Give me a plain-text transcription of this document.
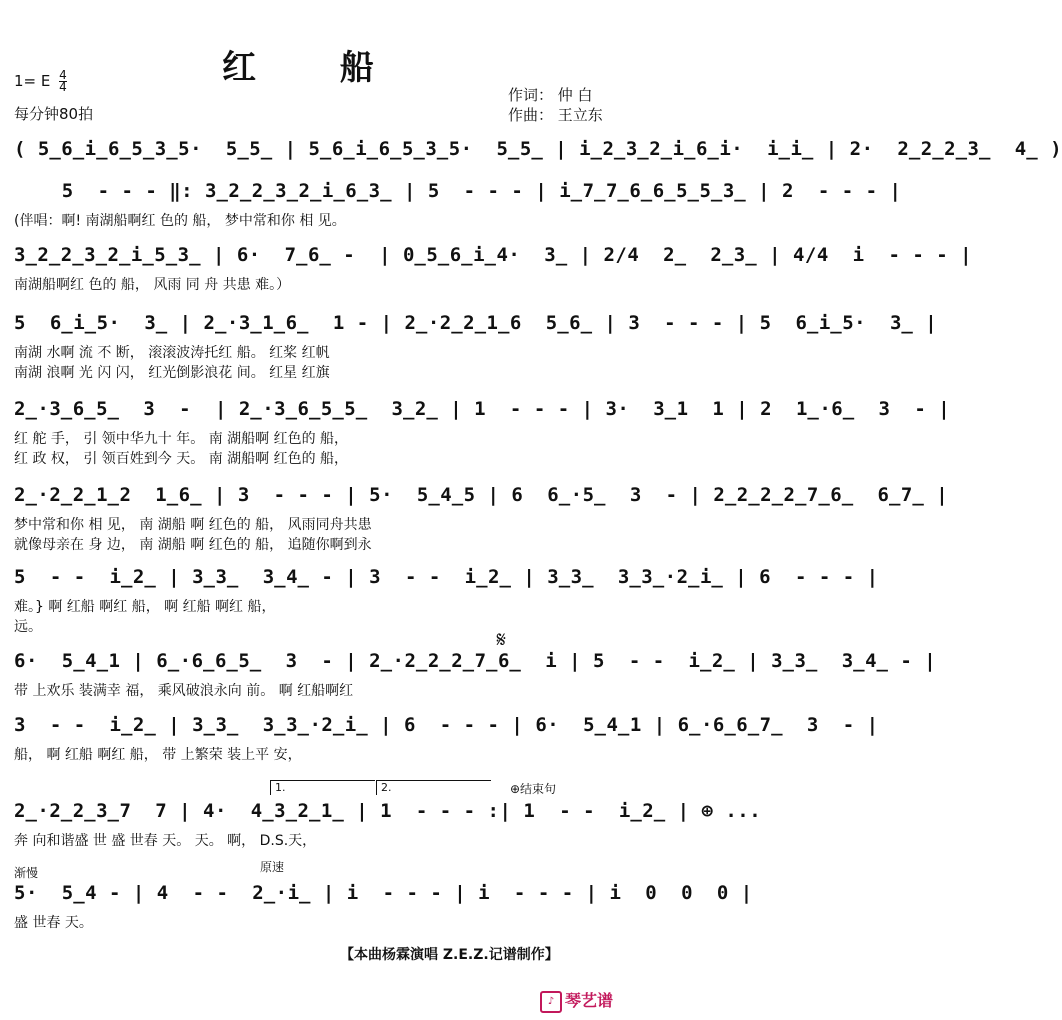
红 船
1= E $\frac{4}{4}$
每分钟80拍
作词： 仲 白
作曲： 王立东
( 5̲6̲i̲6̲5̲3̲5·  5̲5̲ | 5̲6̲i̲6̲5̲3̲5·  5̲5̲ | i̲2̲3̲2̲i̲6̲i·  i̲i̲ | 2·  2̲2̲2̲3̲  4̲ )
5  - - - ‖: 3̲2̲2̲3̲2̲i̲6̲3̲ | 5  - - - | i̲7̲7̲6̲6̲5̲5̲3̲ | 2  - - - |
(伴唱：啊! 南湖船啊红 色的 船， 梦中常和你 相 见。
3̲2̲2̲3̲2̲i̲5̲3̲ | 6·  7̲6̲ -  | 0̲5̲6̲i̲4·  3̲ | 2/4  2̲  2̲3̲ | 4/4  i  - - - |
南湖船啊红 色的 船， 风雨 同 舟 共患 难。）
5  6̲i̲5·  3̲ | 2̲·3̲1̲6̲  1 - | 2̲·2̲2̲1̲6  5̲6̲ | 3  - - - | 5  6̲i̲5·  3̲ |
南湖 水啊 流 不 断， 滚滚波涛托红 船。 红桨 红帆
南湖 浪啊 光 闪 闪， 红光倒影浪花 间。 红星 红旗
2̲·3̲6̲5̲  3  -  | 2̲·3̲6̲5̲5̲  3̲2̲ | 1  - - - | 3·  3̲1  1 | 2  1̲·6̲  3  - |
红 舵 手， 引 领中华九十 年。 南 湖船啊 红色的 船，
红 政 权， 引 领百姓到今 天。 南 湖船啊 红色的 船，
2̲·2̲2̲1̲2  1̲6̲ | 3  - - - | 5·  5̲4̲5 | 6  6̲·5̲  3  - | 2̲2̲2̲2̲7̲6̲  6̲7̲ |
梦中常和你 相 见， 南 湖船 啊 红色的 船， 风雨同舟共患
就像母亲在 身 边， 南 湖船 啊 红色的 船， 追随你啊到永
5  - -  i̲2̲ | 3̲3̲  3̲4̲ - | 3  - -  i̲2̲ | 3̲3̲  3̲3̲·2̲i̲ | 6  - - - |
难。} 啊 红船 啊红 船， 啊 红船 啊红 船，
远。
𝄋
6·  5̲4̲1 | 6̲·6̲6̲5̲  3  - | 2̲·2̲2̲2̲7̲6̲  i | 5  - -  i̲2̲ | 3̲3̲  3̲4̲ - |
带 上欢乐 装满幸 福， 乘风破浪永向 前。 啊 红船啊红
3  - -  i̲2̲ | 3̲3̲  3̲3̲·2̲i̲ | 6  - - - | 6·  5̲4̲1 | 6̲·6̲6̲7̲  3  - |
船， 啊 红船 啊红 船， 带 上繁荣 装上平 安，
1.	2.	⊕结束句
2̲·2̲2̲3̲7  7 | 4·  4̲3̲2̲1̲ | 1  - - - :| 1  - -  i̲2̲ | ⊕ ...
奔 向和谐盛 世 盛 世春 天。 天。 啊， D.S.天，
渐慢	原速
5·  5̲4 - | 4  - -  2̲·i̲ | i  - - - | i  - - - | i  0  0  0 |
盛 世春 天。
【本曲杨霖演唱 Z.E.Z.记谱制作】
♪ 琴艺谱
